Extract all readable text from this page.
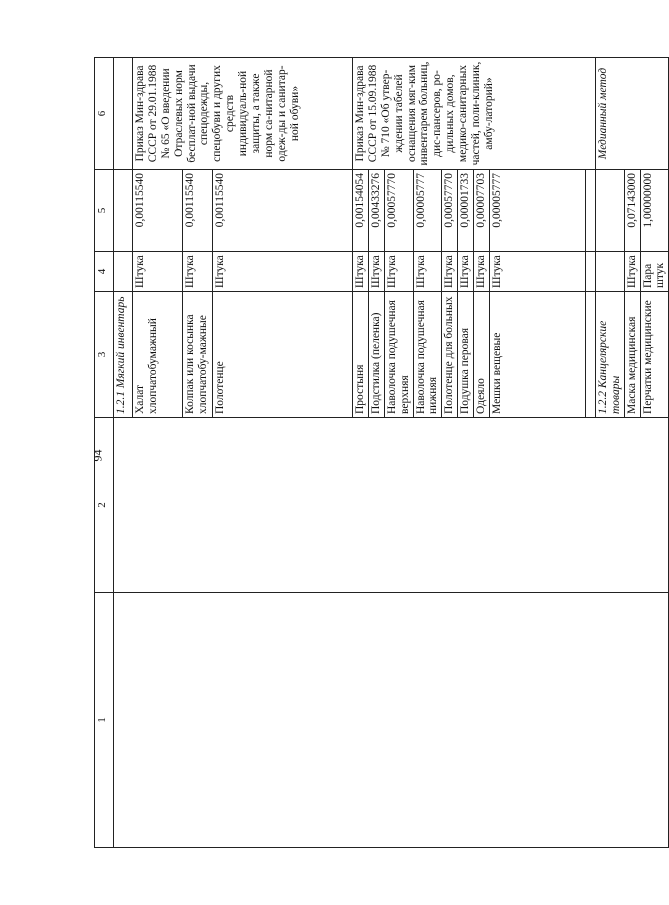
94
1	2	3	4	5	6
		1.2.1 Мягкий инвентарь			
		Халат хлопчатобумажный	Штука	0,00115540	Приказ Мин-здрава СССР от 29.01.1988 № 65 «О введении Отраслевых норм бесплат-ной выдачи спецодежды, спецобуви и других средств индивидуаль-ной защиты, а также норм са-нитарной одеж-ды и санитар-ной обуви»
		Колпак или косынка хлопчатобу-мажные	Штука	0,00115540	
		Полотенце	Штука	0,00115540	
		Простыня	Штука	0,00154054	Приказ Мин-здрава СССР от 15.09.1988 № 710 «Об утвер-ждении табелей оснащения мяг-ким инвентарем больниц, дис-пансеров, ро-дильных домов, медико-санитарных частей, поли-клиник, амбу-латорий»
		Подстилка (пеленка)	Штука	0,00433276	
		Наволочка подушечная верхняя	Штука	0,00057770	
		Наволочка подушечная нижняя	Штука	0,00005777	
		Полотенце для больных	Штука	0,00057770	
		Подушка перовая	Штука	0,00001733	
		Одеяло	Штука	0,00007703	
		Мешки вещевые	Штука	0,00005777	

		1.2.2 Канцелярские товары			Медианный метод
		Маска медицинская	Штука	0,07143000	
		Перчатки медицинские	Пара штук	1,00000000	
